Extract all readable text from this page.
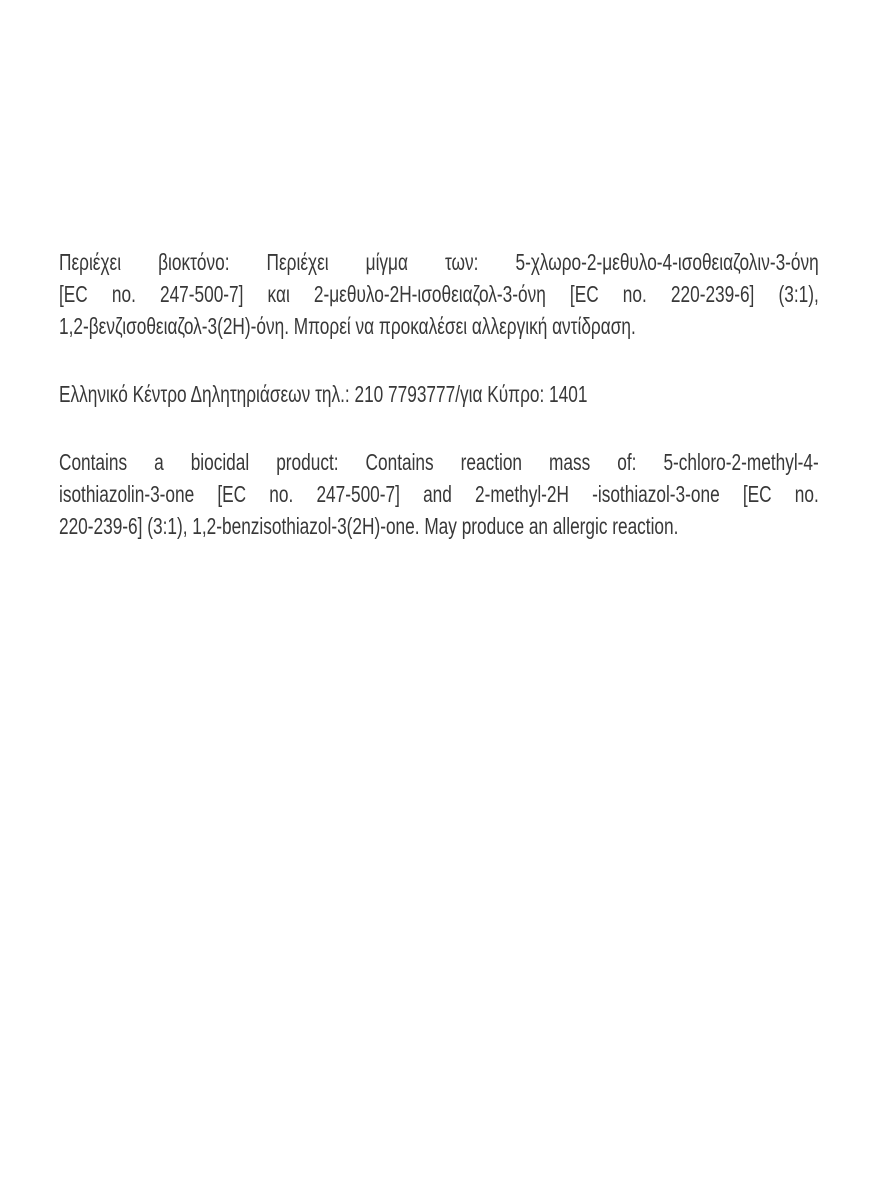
Περιέχει βιοκτόνο: Περιέχει μίγμα των: 5-χλωρο-2-μεθυλο-4-ισοθειαζολιν-3-όνη
[EC no. 247-500-7] και 2-μεθυλο-2H-ισοθειαζολ-3-όνη [EC no. 220-239-6] (3:1),
1,2-βενζισοθειαζολ-3(2H)-όνη. Μπορεί να προκαλέσει αλλεργική αντίδραση.
Ελληνικό Κέντρο Δηλητηριάσεων τηλ.: 210 7793777/για Κύπρο: 1401
Contains a biocidal product: Contains reaction mass of: 5-chloro-2-methyl-4-
isothiazolin-3-one [EC no. 247-500-7] and 2-methyl-2H -isothiazol-3-one [EC no.
220-239-6] (3:1), 1,2-benzisothiazol-3(2H)-one. May produce an allergic reaction.
